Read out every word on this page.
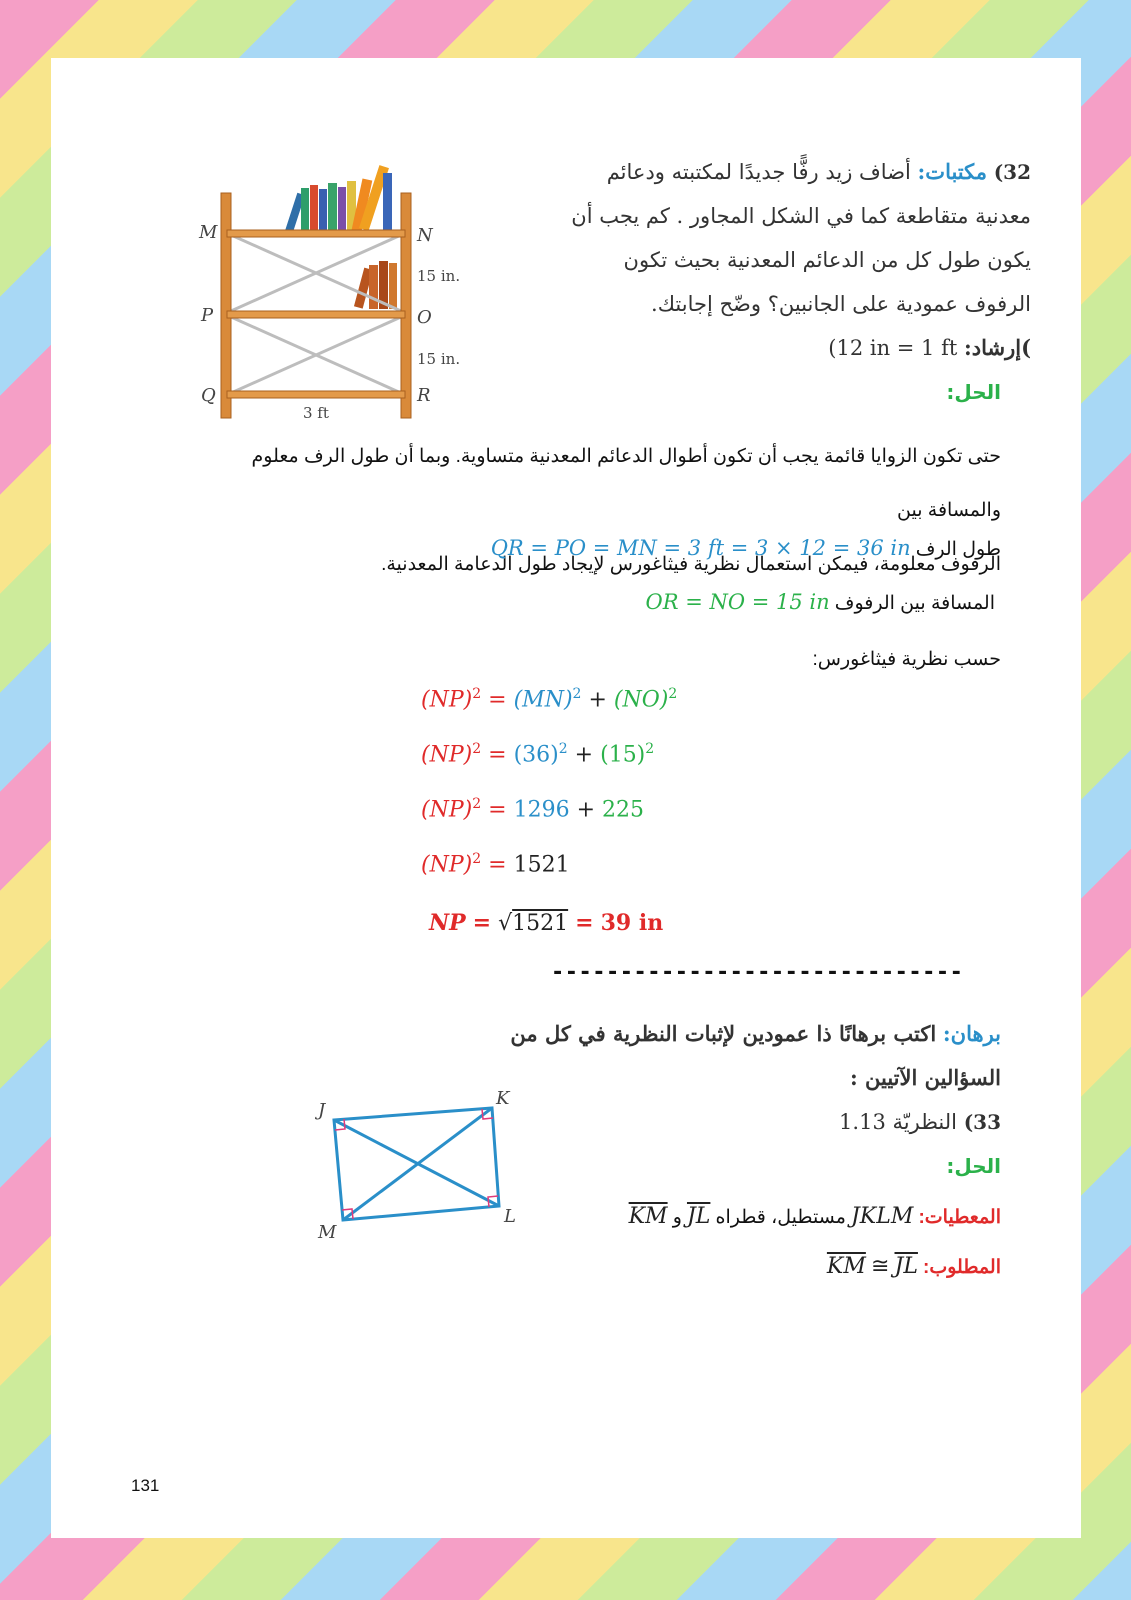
32) مكتبات: أضاف زيد رفًّا جديدًا لمكتبته ودعائم
معدنية متقاطعة كما في الشكل المجاور . كم يجب أن
يكون طول كل من الدعائم المعدنية بحيث تكون
الرفوف عمودية على الجانبين؟ وضّح إجابتك.
)إرشاد: (12 in = 1 ft
M	N
P	O
Q	R
15 in.
15 in.
3 ft
الحل:
حتى تكون الزوايا قائمة يجب أن تكون أطوال الدعائم المعدنية متساوية. وبما أن طول الرف معلوم والمسافة بين
الرفوف معلومة، فيمكن استعمال نظرية فيثاغورس لإيجاد طول الدعامة المعدنية.
QR = PO = MN = 3 ft = 3 × 12 = 36 in طول الرف
OR = NO = 15 in المسافة بين الرفوف
حسب نظرية فيثاغورس:
(NP)$^2$ = (MN)$^2$ + (NO)$^2$
$(NP)^2 = (36)^2 + (15)^2$
(NP)$^2$ = 1296 + 225
(NP)$^2$ = 1521
NP = √1521 = 39 in
------------------------------
برهان: اكتب برهانًا ذا عمودين لإثبات النظرية في كل من
السؤالين الآتيين :
33) النظريّة 1.13
الحل:
المعطيات: JKLM مستطيل، قطراه JL و KM
المطلوب: $\overline{KM}$ ≅ $\overline{JL}$
J
K
L
M
131
